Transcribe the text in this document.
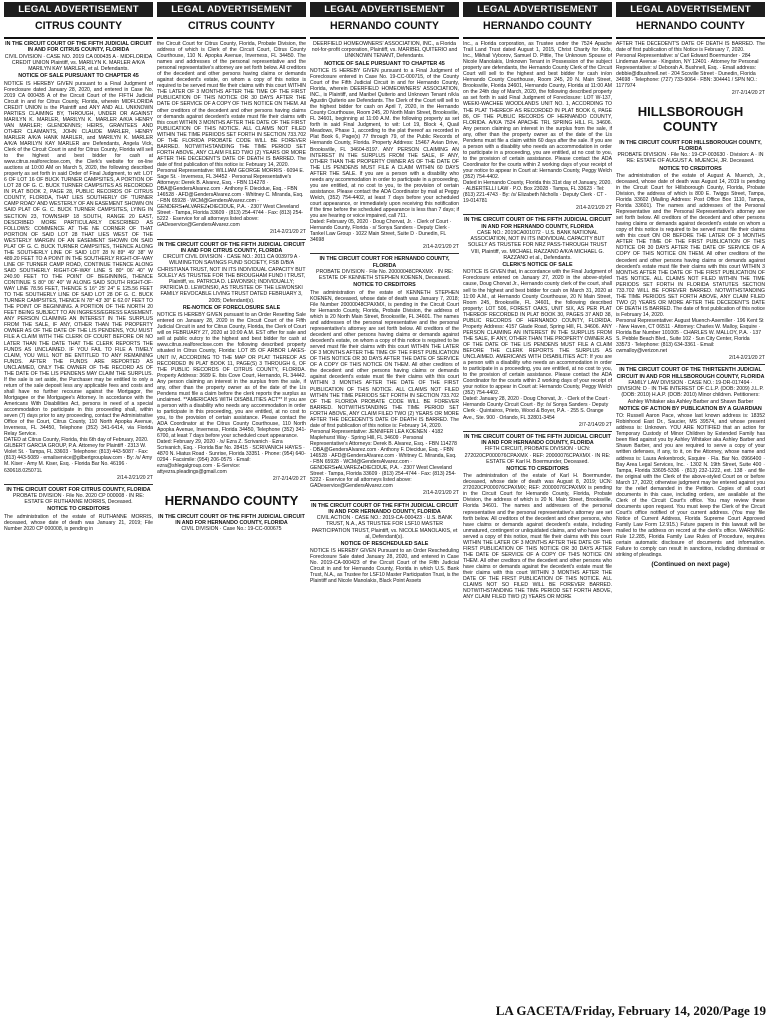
LEGAL ADVERTISEMENT
CITRUS COUNTY
IN THE CIRCUIT COURT OF THE FIFTH JUDICIAL CIRCUIT IN AND FOR CITRUS COUNTY, FLORIDA
CIVIL DIVISION · CASE NO. 2019 CA 000435 A · MIDFLORIDA CREDIT UNION Plaintiff, vs. MARILYN K. MARLER A/K/A MARILYN KAY MARLER, et al. Defendants.
NOTICE OF SALE PURSUANT TO CHAPTER 45

NOTICE IS HEREBY GIVEN pursuant to a Final Judgment of Foreclosure dated January 28, 2020, and entered in Case No. 2019 CA 000435 A of the Circuit Court of the FIFTH Judicial Circuit in and for Citrus County, Florida, wherein MIDFLORIDA CREDIT UNION is the Plaintiff and ANY AND ALL UNKNOWN PARTIES CLAIMING BY, THROUGH, UNDER OR AGAINST MARILYN K. MARLER, MARILYN K. MARLER A/K/A HENRY VAN MARLER; GLENDENNIS; HEIRS, GRANTEES AND OTHER CLAIMANTS, JOHN CLAUDE MARLER, HENRY MARLER A/K/A HANK MARLER, and MARILYN K. MARLER A/K/A MARILYN KAY MARLER are Defendants, Angela Vick, Clerk of the Circuit Court in and for Citrus County, Florida will sell to the highest and best bidder for cash at www.citrus.realforeclose.com, the Clerk's website for on-line auctions at 10:00 AM on March 5, 2020, the following described property as set forth in said Order of Final Judgment, to wit: LOT 6 OF LOT 16 OF BUCK TURNER CAMPSITES, A PORTION OF LOT 28 OF G. C. BUCK TURNER CAMPSITES AS RECORDED IN PLAT BOOK 2, PAGE 28, PUBLIC RECORDS OF CITRUS COUNTY, FLORIDA, THAT LIES SOUTHERLY OF 'TURNER CAMP ROAD' AND WESTERLY OF AN EASEMENT SHOWN ON SAID PLAT OF G. C. BUCK TURNER CAMPSITES, LYING IN SECTION 23, TOWNSHIP 18 SOUTH, RANGE 20 EAST, DESCRIBED MORE PARTICULARLY DESCRIBED AS FOLLOWS: COMMENCE AT THE NE CORNER OF THAT PORTION OF SAID LOT 28 THAT LIES WEST OF THE WESTERLY MARGIN OF AN EASEMENT SHOWN ON SAID PLAT OF G. C. BUCK TURNER CAMPSITES, THENCE ALONG THE SOUTHERLY LINE OF SAID LOT 28 N 89° 49' 38" W 489.20 FEET TO A POINT IN THE SOUTHERLY RIGHT-OF-WAY LINE OF TURNER CAMP ROAD, CONTINUE THENCE ALONG SAID SOUTHERLY RIGHT-OF-WAY LINE S 80° 06' 40" W 240.90 FEET TO THE POINT OF BEGINNING, THENCE CONTINUE S 80° 06' 40" W ALONG SAID SOUTH RIGHT-OF-WAY LINE 78.56 FEET, THENCE S 16° 25' 24" E 125.56 FEET TO THE SOUTHERLY LINE OF SAID LOT 28 OF G. C. BUCK TURNER CAMPSITES, THENCE N 78° 43' 30" E 62.07 FEET TO THE POINT OF BEGINNING. A PORTION OF THE NORTH 20 FEET BEING SUBJECT TO AN INGRESS/EGRESS EASEMENT. ANY PERSON CLAIMING AN INTEREST IN THE SURPLUS FROM THE SALE, IF ANY, OTHER THAN THE PROPERTY OWNER AS OF THE DATE OF THE LIS PENDENS, YOU MUST FILE A CLAIM WITH THE CLERK OF COURT BEFORE OR NO LATER THAN THE DATE THAT THE CLERK REPORTS THE FUNDS AS UNCLAIMED. IF YOU FAIL TO FILE A TIMELY CLAIM, YOU WILL NOT BE ENTITLED TO ANY REMAINING FUNDS. AFTER THE FUNDS ARE REPORTED AS UNCLAIMED, ONLY THE OWNER OF THE RECORD AS OF THE DATE OF THE LIS PENDENS MAY CLAIM THE SURPLUS. If the sale is set aside, the Purchaser may be entitled to only a return of the sale deposit less any applicable fees and costs and shall have no further recourse against the Mortgagor, the Mortgagee or the Mortgagee's Attorney. In accordance with the Americans With Disabilities Act, persons in need of a special accommodation to participate in this proceeding shall, within seven (7) days prior to any proceeding, contact the Administrative Office of the Court, Citrus County, 110 North Apopka Avenue, Inverness, FL 34450, Telephone (352) 341-6414, via Florida Relay Service.

DATED at Citrus County, Florida, this 6th day of February, 2020. GILBERT GARCIA GROUP, P.A. Attorney for Plaintiff · 2313 W. Violet St. · Tampa, FL 33603 · Telephone: (813) 443-5087 · Fax: (813) 443-5089 · emailservice@gilbertgrouplaw.com · By: /s/ Amy M. Kiser · Amy M. Kiser, Esq. · Florida Bar No. 46196 · 630618.025071L

2/14-2/21/20 2T
IN THE CIRCUIT COURT FOR CITRUS COUNTY, FLORIDA
PROBATE DIVISION · File No. 2020 CP 000008 · IN RE: ESTATE OF RUTHANNE MORRIS, Deceased.
NOTICE TO CREDITORS

The administration of the estate of RUTHANNE MORRIS, deceased, whose date of death was January 21, 2019; File Number 2020 CP 000008, is pending in

LEGAL ADVERTISEMENT
CITRUS COUNTY

the Circuit Court for Citrus County, Florida, Probate Division, the address of which is Clerk of the Circuit Court, Citrus County Courthouse, 110 N. Apopka Avenue, Inverness, FL 34450. The names and addresses of the personal representative and the personal representative's attorney are set forth below. All creditors of the decedent and other persons having claims or demands against decedent's estate, on whom a copy of this notice is required to be served must file their claims with this court WITHIN THE LATER OF 3 MONTHS AFTER THE TIME OF THE FIRST PUBLICATION OF THIS NOTICE OR 30 DAYS AFTER THE DATE OF SERVICE OF A COPY OF THIS NOTICE ON THEM. All other creditors of the decedent and other persons having claims or demands against decedent's estate must file their claims with this court WITHIN 3 MONTHS AFTER THE DATE OF THE FIRST PUBLICATION OF THIS NOTICE. ALL CLAIMS NOT FILED WITHIN THE TIME PERIODS SET FORTH IN SECTION 733.702 OF THE FLORIDA PROBATE CODE WILL BE FOREVER BARRED. NOTWITHSTANDING THE TIME PERIOD SET FORTH ABOVE, ANY CLAIM FILED TWO (2) YEARS OR MORE AFTER THE DECEDENT'S DATE OF DEATH IS BARRED. The date of first publication of this notice is: February 14, 2020.

Personal Representative: WILLIAM GEORGE MORRIS · 6094 E. Sage St. · Inverness, FL 34452 · Personal Representative's Attorneys: Derek B. Alvarez, Esq. - FBN 114278 · DBA@GendersAlvarez.com · Anthony F. Diecidue, Esq. - FBN 146528 · AFD@GendersAlvarez.com · Whitney C. Miranda, Esq. - FBN 65928 · WCM@GendersAlvarez.com · GENDERS♦ALVAREZ♦DIECIDUE, P.A. · 2307 West Cleveland Street · Tampa, Florida 33609 · (813) 254-4744 · Fax: (813) 254-5222 · Eservice for all attorneys listed above: GADeservice@GendersAlvarez.com

2/14-2/21/20 2T
IN THE CIRCUIT COURT OF THE FIFTH JUDICIAL CIRCUIT IN AND FOR CITRUS COUNTY, FLORIDA
CIRCUIT CIVIL DIVISION · CASE NO.: 2011 CA 003979 A · WILMINGTON SAVINGS FUND SOCIETY, FSB D/B/A CHRISTIANA TRUST, NOT IN ITS INDIVIDUAL CAPACITY BUT SOLELY AS TRUSTEE FOR THE BROUGHAM FUND I TRUST, Plaintiff, vs. PATRICIA D. LEWONSKI; INDIVIDUALLY; PATRICIA D. LEWONSKI, AS TRUSTEE OF THE LEWONSKI FAMILY REVOCABLE LIVING TRUST DATED FEBRUARY 3, 2005; Defendant(s).
RE-NOTICE OF FORECLOSURE SALE

NOTICE IS HEREBY GIVEN pursuant to an Order Resetting Sale entered on January 28, 2020 in the Circuit Court of the Fifth Judicial Circuit in and for Citrus County, Florida, the Clerk of Court will on FEBRUARY 27, 2020 at 10:00 A.M. EST offer for sale and sell at public outcry to the highest and best bidder for cash at www.citrus.realforeclose.com the following described property situated in Citrus County, Florida: LOT 85 OF ARBOR LAKES-UNIT IV, ACCORDING TO THE MAP OR PLAT THEREOF AS RECORDED IN PLAT BOOK 11, PAGE(S) 3 THROUGH 6, OF THE PUBLIC RECORDS OF CITRUS COUNTY, FLORIDA. Property Address: 3689 E. Ibis Cove Court, Hernando, FL 34442. Any person claiming an interest in the surplus from the sale, if any, other than the property owner as of the date of the Lis Pendens must file a claim before the clerk reports the surplus as unclaimed. **AMERICANS WITH DISABILITIES ACT** If you are a person with a disability who needs any accommodation in order to participate in this proceeding, you are entitled, at no cost to you, to the provision of certain assistance. Please contact the ADA Coordinator at the Citrus County Courthouse, 110 North Apopka Avenue, Inverness, Florida 34450, Telephone (352) 341-6700, at least 7 days before your scheduled court appearance.

Dated: February 29, 2020 · /s/ Ezra Z. Scrivanich · Ezra Scrivanich, Esq. · Florida Bar No. 28415 · SCRIVANICH HAYES · 4870 N. Hiatus Road · Sunrise, Florida 33351 · Phone: (954) 640-0294 · Facsimile: (954) 206-0575 · Email: ezra@shlegalgroup.com · E-Service: attyezra.pleadings@gmail.com

2/7-2/14/20 2T
HERNANDO COUNTY
IN THE CIRCUIT COURT OF THE FIFTH JUDICIAL CIRCUIT IN AND FOR HERNANDO COUNTY, FLORIDA
CIVIL DIVISION · Case No.: 19-CC-000675
LEGAL ADVERTISEMENT
HERNANDO COUNTY
DEERFIELD HOMEOWNERS' ASSOCIATION, INC., a Florida not-for-profit corporation, Plaintiff, vs. MARIBEL QUITERIO and UNKNOWN TENANT, Defendants.
NOTICE OF SALE PURSUANT TO CHAPTER 45

NOTICE IS HEREBY GIVEN pursuant to a Final Judgment of Foreclosure entered in Case No. 19-CC-000715, of the County Court of the Fifth Judicial Circuit in and for Hernando County, Florida, wherein DEERFIELD HOMEOWNERS' ASSOCIATION, INC., is Plaintiff, and Maribel Quiterio and Unknown Tenant n/k/a Agustin Quiterio are Defendants. The Clerk of the Court will sell to the highest bidder for cash on April 7, 2020, in the Hernando County Courthouse, Room 245, 20 North Main Street, Brooksville, FL 34601, beginning at 11:00 A.M. the following property as set forth in said Final Judgment, to wit: Lot 19, Block 4, Quail Meadows, Phase 1, according to the plat thereof as recorded in Plat Book 6, Page(s) 77 through 79, of the Public Records of Hernando County, Florida. Property Address: 15467 Avian Drive, Brooksville, FL 34604-8197. ANY PERSON CLAIMING AN INTEREST IN THE SURPLUS FROM THE SALE, IF ANY, OTHER THAN THE PROPERTY OWNER AS OF THE DATE OF THE LIS PENDENS MUST FILE A CLAIM WITHIN 60 DAYS AFTER THE SALE. If you are a person with a disability who needs any accommodation in order to participate in a proceeding, you are entitled, at no cost to you, to the provision of certain assistance. Please contact the ADA Coordinator by mail at Peggy Welch, (352) 754-4402, at least 7 days before your scheduled court appearance, or immediately upon receiving this notification if the time before the scheduled appearance is less than 7 days; if you are hearing or voice impaired, call 711.

Dated: February 05, 2020 · Doug Chorvat, Jr. · Clerk of Court · Hernando County, Florida · s/ Sonya Sanders · Deputy Clerk · Tankel Law Group · 1022 Main Street, Suite D · Dunedin, FL 34698

2/14-2/21/20 2T
IN THE CIRCUIT COURT FOR HERNANDO COUNTY, FLORIDA
PROBATE DIVISION · File No. 20000048CPAXMX · IN RE: ESTATE OF KENNETH STEPHEN KOENEN, Deceased.
NOTICE TO CREDITORS

The administration of the estate of KENNETH STEPHEN KOENEN, deceased, whose date of death was January 7, 2018; File Number 20000048CPAXMX, is pending in the Circuit Court for Hernando County, Florida, Probate Division, the address of which is 20 North Main Street, Brooksville, FL 34601. The names and addresses of the personal representative and the personal representative's attorney are set forth below. All creditors of the decedent and other persons having claims or demands against decedent's estate, on whom a copy of this notice is required to be served must file their claims with this court WITHIN THE LATER OF 3 MONTHS AFTER THE TIME OF THE FIRST PUBLICATION OF THIS NOTICE OR 30 DAYS AFTER THE DATE OF SERVICE OF A COPY OF THIS NOTICE ON THEM. All other creditors of the decedent and other persons having claims or demands against decedent's estate must file their claims with this court WITHIN 3 MONTHS AFTER THE DATE OF THE FIRST PUBLICATION OF THIS NOTICE. ALL CLAIMS NOT FILED WITHIN THE TIME PERIODS SET FORTH IN SECTION 733.702 OF THE FLORIDA PROBATE CODE WILL BE FOREVER BARRED. NOTWITHSTANDING THE TIME PERIOD SET FORTH ABOVE, ANY CLAIM FILED TWO (2) YEARS OR MORE AFTER THE DECEDENT'S DATE OF DEATH IS BARRED. The date of first publication of this notice is: February 14, 2020.

Personal Representative: JENNIFER LEA KOENEN · 4182 Maplehurst Way · Spring Hill, FL 34609 · Personal Representative's Attorneys: Derek B. Alvarez, Esq. - FBN 114278 · DBA@GendersAlvarez.com · Anthony F. Diecidue, Esq. - FBN 146528 · AFD@GendersAlvarez.com · Whitney C. Miranda, Esq. - FBN 65928 · WCM@GendersAlvarez.com · GENDERS♦ALVAREZ♦DIECIDUE, P.A. · 2307 West Cleveland Street · Tampa, Florida 33609 · (813) 254-4744 · Fax: (813) 254-5222 · Eservice for all attorneys listed above: GADeservice@GendersAlvarez.com

2/14-2/21/20 2T
IN THE CIRCUIT COURT OF THE FIFTH JUDICIAL CIRCUIT IN AND FOR HERNANDO COUNTY, FLORIDA
CIVIL ACTION · CASE NO.: 2019-CA-000423 · U.S. BANK TRUST, N.A., AS TRUSTEE FOR LSF10 MASTER PARTICIPATION TRUST, Plaintiff, vs. NICOLE MANOLAKIS, et al, Defendant(s).
NOTICE OF RESCHEDULED SALE

NOTICE IS HEREBY GIVEN Pursuant to an Order Rescheduling Foreclosure Sale dated January 28, 2020, and entered in Case No. 2019-CA-000423 of the Circuit Court of the Fifth Judicial Circuit in and for Hernando County, Florida in which U.S. Bank Trust, N.A., as Trustee for LSF10 Master Participation Trust, is the Plaintiff and Nicole Manolakis, Black Point Assets

LEGAL ADVERTISEMENT
HERNANDO COUNTY

Inc., a Florida corporation, as Trustee under the 7524 Apache Trail Land Trust dated August 1, 2015, Christ Charity for Kids, Inc., Mikhail Vyborov, Samuel D. Pittle, The Unknown Spouse of Nicole Manolakis, Unknown Tenant in Possession of the subject property are defendants, the Hernando County Clerk of the Circuit Court will sell to the highest and best bidder for cash in/on Hernando County Courthouse, Room 245, 20 N. Main Street, Brooksville, Florida 34601, Hernando County, Florida at 11:00 AM on the 24th day of March, 2020, the following described property as set forth in said Final Judgment of Foreclosure: LOT W-137, WEEKI-WACHEE WOODLANDS UNIT NO. 1, ACCORDING TO THE PLAT THEREOF AS RECORDED IN PLAT BOOK 6, PAGE 86, OF THE PUBLIC RECORDS OF HERNANDO COUNTY, FLORIDA. A/K/A 7524 APACHE TRL SPRING HILL FL 34606. Any person claiming an interest in the surplus from the sale, if any, other than the property owner as of the date of the Lis Pendens must file a claim within 60 days after the sale. If you are a person with a disability who needs an accommodation in order to participate in a proceeding, you are entitled, at no cost to you, to the provision of certain assistance. Please contact the ADA Coordinator for the courts within 2 working days of your receipt of your notice to appear in Court at: Hernando County, Peggy Welch (352) 754-4402.

Dated in Hernando County, Florida this 31st day of January, 2020. · ALBERTELLI LAW · P.O. Box 23028 · Tampa, FL 33623 · Tel: (813) 221-4743 · By: /s/ Elizabeth Nicholls · Deputy Clerk · CT - 19-014781

2/14-2/21/20 2T
IN THE CIRCUIT COURT OF THE FIFTH JUDICIAL CIRCUIT IN AND FOR HERNANDO COUNTY, FLORIDA
CASE NO.: 2019CA001072 · U.S. BANK NATIONAL ASSOCIATION, NOT IN ITS INDIVIDUAL CAPACITY BUT SOLELY AS TRUSTEE FOR NRZ PASS-THROUGH TRUST VIII, Plaintiff, vs. MICHAEL RAZZANO A/K/A MICHAEL G. RAZZANO et al., Defendants.
CLERK'S NOTICE OF SALE

NOTICE IS GIVEN that, in accordance with the Final Judgment of Foreclosure entered on January 27, 2020 in the above-styled cause, Doug Chorvat Jr., Hernando county clerk of the court, shall sell to the highest and best bidder for cash on March 31, 2020 at 11:00 A.M., at Hernando County Courthouse, 20 N Main Street, Room 245, Brooksville, FL 34601, the following described property: LOT 506, FOREST OAKS, UNIT SIX, AS PER PLAT THEREOF RECORDED IN PLAT BOOK 30, PAGES 37 AND 38, PUBLIC RECORDS OF HERNANDO COUNTY, FLORIDA. Property Address: 4157 Glade Road, Spring Hill, FL 34606. ANY PERSON CLAIMING AN INTEREST IN THE SURPLUS FROM THE SALE, IF ANY, OTHER THAN THE PROPERTY OWNER AS OF THE DATE OF THE LIS PENDENS MUST FILE A CLAIM BEFORE THE CLERK REPORTS THE SURPLUS AS UNCLAIMED. AMERICANS WITH DISABILITIES ACT: If you are a person with a disability who needs an accommodation in order to participate in a proceeding, you are entitled, at no cost to you, to the provision of certain assistance. Please contact the ADA Coordinator for the courts within 2 working days of your receipt of your notice to appear in Court at: Hernando County, Peggy Welch (352) 754-4402.

Dated: January 28, 2020 · Doug Chorvat, Jr. · Clerk of the Court · Hernando County Circuit Court · By: /s/ Sonya Sanders · Deputy Clerk · Quintairos, Prieto, Wood & Boyer, P.A. · 255 S. Orange Ave., Ste. 900 · Orlando, FL 32801-3454

2/7-2/14/20 2T
IN THE CIRCUIT COURT OF THE FIFTH JUDICIAL CIRCUIT IN AND FOR HERNANDO COUNTY, FLORIDA
FIFTH CIRCUIT, PROBATE DIVISION · UCN: 272020CP000076CPAXMX · REF: 20000076CPAXMX · IN RE: ESTATE OF Karl H. Boermunder, Deceased.
NOTICE TO CREDITORS

The administration of the estate of Karl H. Boermunder, deceased, whose date of death was August 8, 2019; UCN: 272020CP000076CPAXMX; REF: 20000076CPAXMX is pending in the Circuit Court for Hernando County, Florida, Probate Division, the address of which is 20 N. Main Street, Brooksville, Florida 34601. The names and addresses of the personal representative and the personal representative's attorney are set forth below. All creditors of the decedent and other persons, who have claims or demands against decedent's estate, including unmatured, contingent or unliquidated claims, and who have been served a copy of this notice, must file their claims with this court WITHIN THE LATER OF 3 MONTHS AFTER THE DATE OF THE FIRST PUBLICATION OF THIS NOTICE OR 30 DAYS AFTER THE DATE OF SERVICE OF A COPY OF THIS NOTICE ON THEM. All other creditors of the decedent and other persons who have claims or demands against the decedent's estate must file their claims with this court WITHIN 3 MONTHS AFTER THE DATE OF THE FIRST PUBLICATION OF THIS NOTICE. ALL CLAIMS NOT SO FILED WILL BE FOREVER BARRED. NOTWITHSTANDING THE TIME PERIOD SET FORTH ABOVE, ANY CLAIM FILED TWO (2) YEARS OR MORE

LEGAL ADVERTISEMENT
HERNANDO COUNTY

AFTER THE DECEDENT'S DATE OF DEATH IS BARRED. The date of first publication of this Notice is February 7, 2020.

Personal Representative: s/ Carl Edward Boermunder · 284 Lindeman Avenue · Kingston, NY 12401 · Attorney for Personal Representative: s/ Deborah A. Bushnell, Esq. · Email address: debbie@dbushnell.net · 204 Scoville Street · Dunedin, Florida 34698 · Telephone: (727) 733-9064 · FBN: 304441 / SPN NO.: 1177974

2/7-2/14/20 2T
HILLSBOROUGH COUNTY
IN THE CIRCUIT COURT FOR HILLSBOROUGH COUNTY, FLORIDA
PROBATE DIVISION · File No.: 19-CP-003630 · Division: A · IN RE: ESTATE OF AUGUST A. MUENCH, JR. Deceased.
NOTICE TO CREDITORS

The administration of the estate of August A. Muench, Jr., deceased, whose date of death was August 14, 2019 is pending in the Circuit Court for Hillsborough County, Florida, Probate Division, the address of which is 800 E. Twiggs Street, Tampa, Florida 33602 (Mailing Address: Post Office Box 1110, Tampa, Florida 33601). The names and addresses of the Personal Representative and the Personal Representative's attorney are set forth below. All creditors of the decedent and other persons having claims or demands against decedent's estate on whom a copy of this notice is required to be served must file their claims with this court ON OR BEFORE THE LATER OF 3 MONTHS AFTER THE TIME OF THE FIRST PUBLICATION OF THIS NOTICE OR 30 DAYS AFTER THE DATE OF SERVICE OF A COPY OF THIS NOTICE ON THEM. All other creditors of the decedent and other persons having claims or demands against decedent's estate must file their claims with this court WITHIN 3 MONTHS AFTER THE DATE OF THE FIRST PUBLICATION OF THIS NOTICE. ALL CLAIMS NOT FILED WITHIN THE TIME PERIODS SET FORTH IN FLORIDA STATUTES SECTION 733.702 WILL BE FOREVER BARRED. NOTWITHSTANDING THE TIME PERIODS SET FORTH ABOVE, ANY CLAIM FILED TWO (2) YEARS OR MORE AFTER THE DECEDENT'S DATE OF DEATH IS BARRED. The date of first publication of this notice is February 14, 2020.

Personal Representative: August Muench-Asemiller · 196 Kent St · New Haven, CT 06511 · Attorney: Charles W. Malloy, Esquire · Florida Bar Number 101005 · CHARLES W. MALLOY, P.A. · 137 S. Pebble Beach Blvd., Suite 102 · Sun City Center, Florida 33573 · Telephone: (813) 634-3361 · Email: cwmalloy@verizon.net

2/14-2/21/20 2T
IN THE CIRCUIT COURT OF THE THIRTEENTH JUDICIAL CIRCUIT IN AND FOR HILLSBOROUGH COUNTY, FLORIDA
FAMILY LAW DIVISION · CASE NO.: 19-DR-017494 · DIVISION: D · IN THE INTEREST OF C.L.P. (DOB: 2009) J.L.P. (DOB: 2010) H.A.P. (DOB: 2010) Minor children. Petitioners: Ashley Whitaker aka Ashley Barber and Shawn Barber
NOTICE OF ACTION BY PUBLICATION BY A GUARDIAN

TO: Russell Aaron Pace, whose last known address is: 18352 Robinhood East Dr., Saucier, MS 39574, and whose present address is: Unknown. YOU ARE NOTIFIED that an action for Temporary Custody of Minor Children by Extended Family has been filed against you by Ashley Whitaker aka Ashley Barber and Shawn Barber, and you are required to serve a copy of your written defenses, if any, to it, on the Attorney, whose name and address is: Laura Ankenbrock, Esquire · Fla. Bar No. 0966400 · Bay Area Legal Services, Inc. · 1302 N. 19th Street, Suite 400 · Tampa, Florida 33605-5336 · (813) 232-1222, ext. 138 · and file the original with the Clerk of the above-styled Court on or before March 17, 2020; otherwise judgment may be entered against you for the relief demanded in the Petition. Copies of all court documents in this case, including orders, are available at the Clerk of the Circuit Court's office. You may review these documents upon request. You must keep the Clerk of the Circuit Court's office notified of your current address. (You may file Notice of Current Address, Florida Supreme Court Approved Family Law Form 12.915.) Future papers in this lawsuit will be mailed to the address on record at the clerk's office. WARNING: Rule 12.285, Florida Family Law Rules of Procedure, requires certain automatic disclosure of documents and information. Failure to comply can result in sanctions, including dismissal or striking of pleadings.

(Continued on next page)
LA GACETA/Friday, February 14, 2020/Page 19
